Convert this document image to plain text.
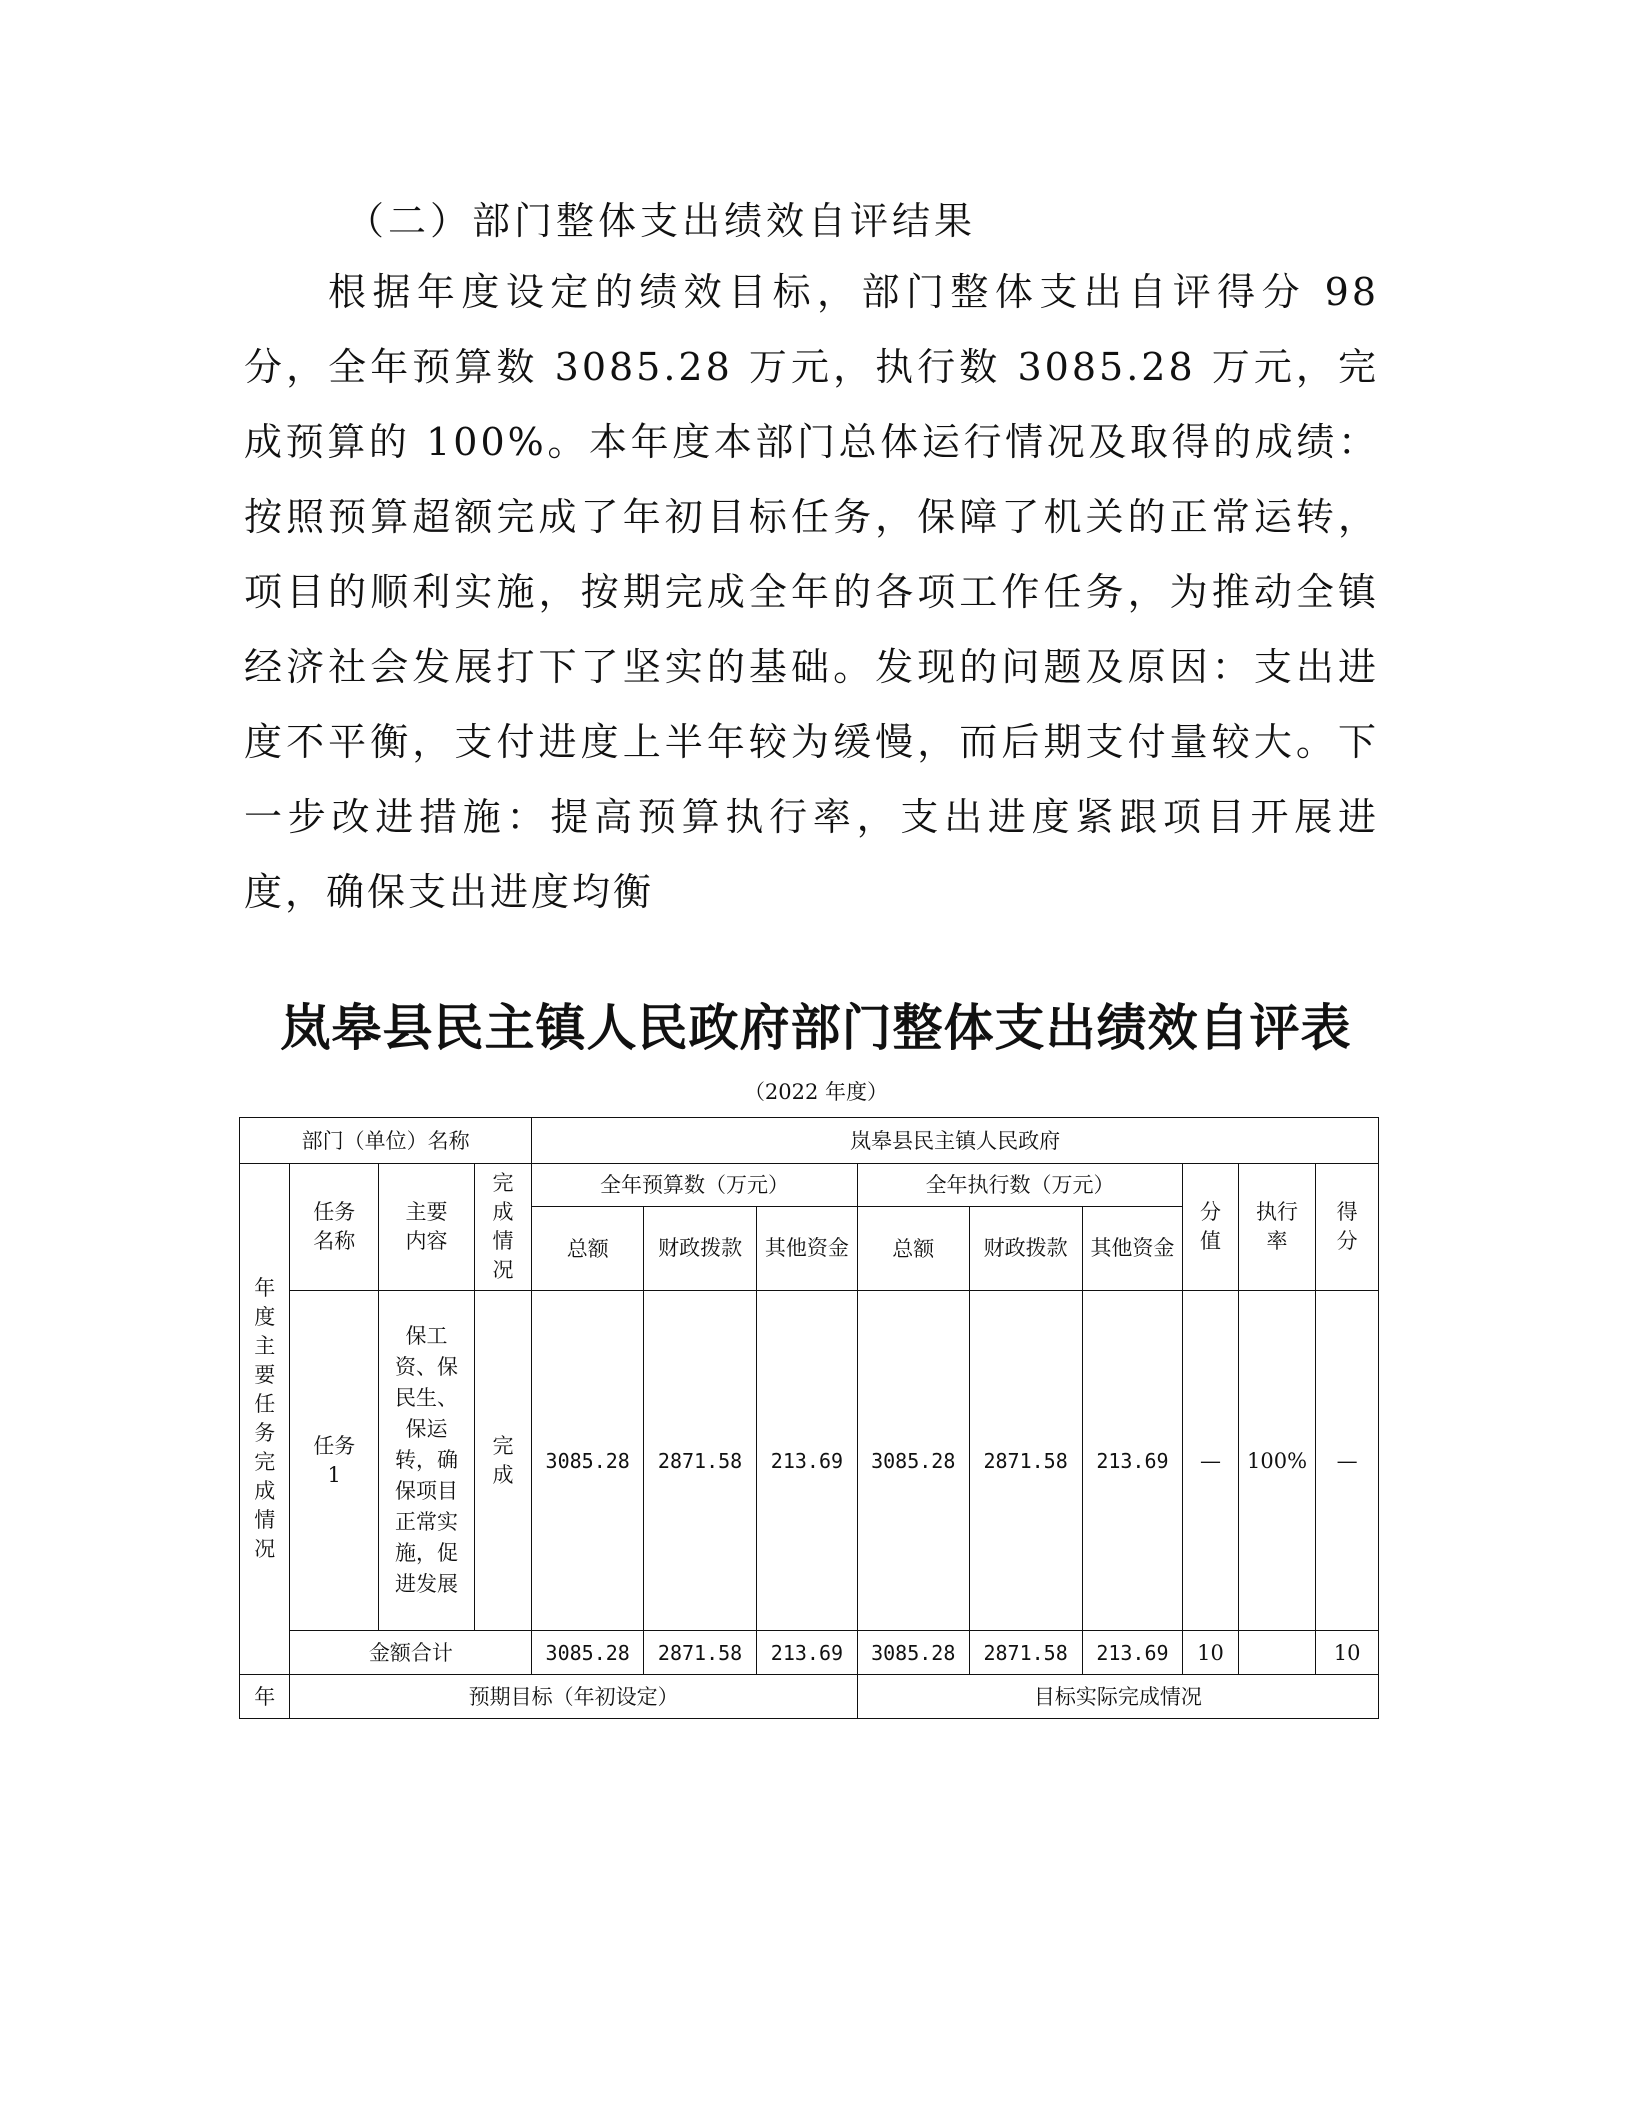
（二）部门整体支出绩效自评结果

根据年度设定的绩效目标，部门整体支出自评得分 98 分，全年预算数 3085.28 万元，执行数 3085.28 万元，完成预算的 100%。本年度本部门总体运行情况及取得的成绩：按照预算超额完成了年初目标任务，保障了机关的正常运转，项目的顺利实施，按期完成全年的各项工作任务，为推动全镇经济社会发展打下了坚实的基础。发现的问题及原因：支出进度不平衡，支付进度上半年较为缓慢，而后期支付量较大。下一步改进措施：提高预算执行率，支出进度紧跟项目开展进度，确保支出进度均衡

岚皋县民主镇人民政府部门整体支出绩效自评表
（2022 年度）
部门（单位）名称				岚皋县民主镇人民政府								

年度主要任务完成情况	任务名称	主要内容	完成情况	全年预算数（万元）			全年执行数（万元）			分值	执行率	得分

				总额	财政拨款	其他资金	总额	财政拨款	其他资金			

	任务1	保工资、保民生、保运转，确保项目正常实施，促进发展	完成	3085.28	2871.58	213.69	3085.28	2871.58	213.69	—	100%	—
	金额合计			3085.28	2871.58	213.69	3085.28	2871.58	213.69	10		10
年	预期目标（年初设定）						目标实际完成情况					
